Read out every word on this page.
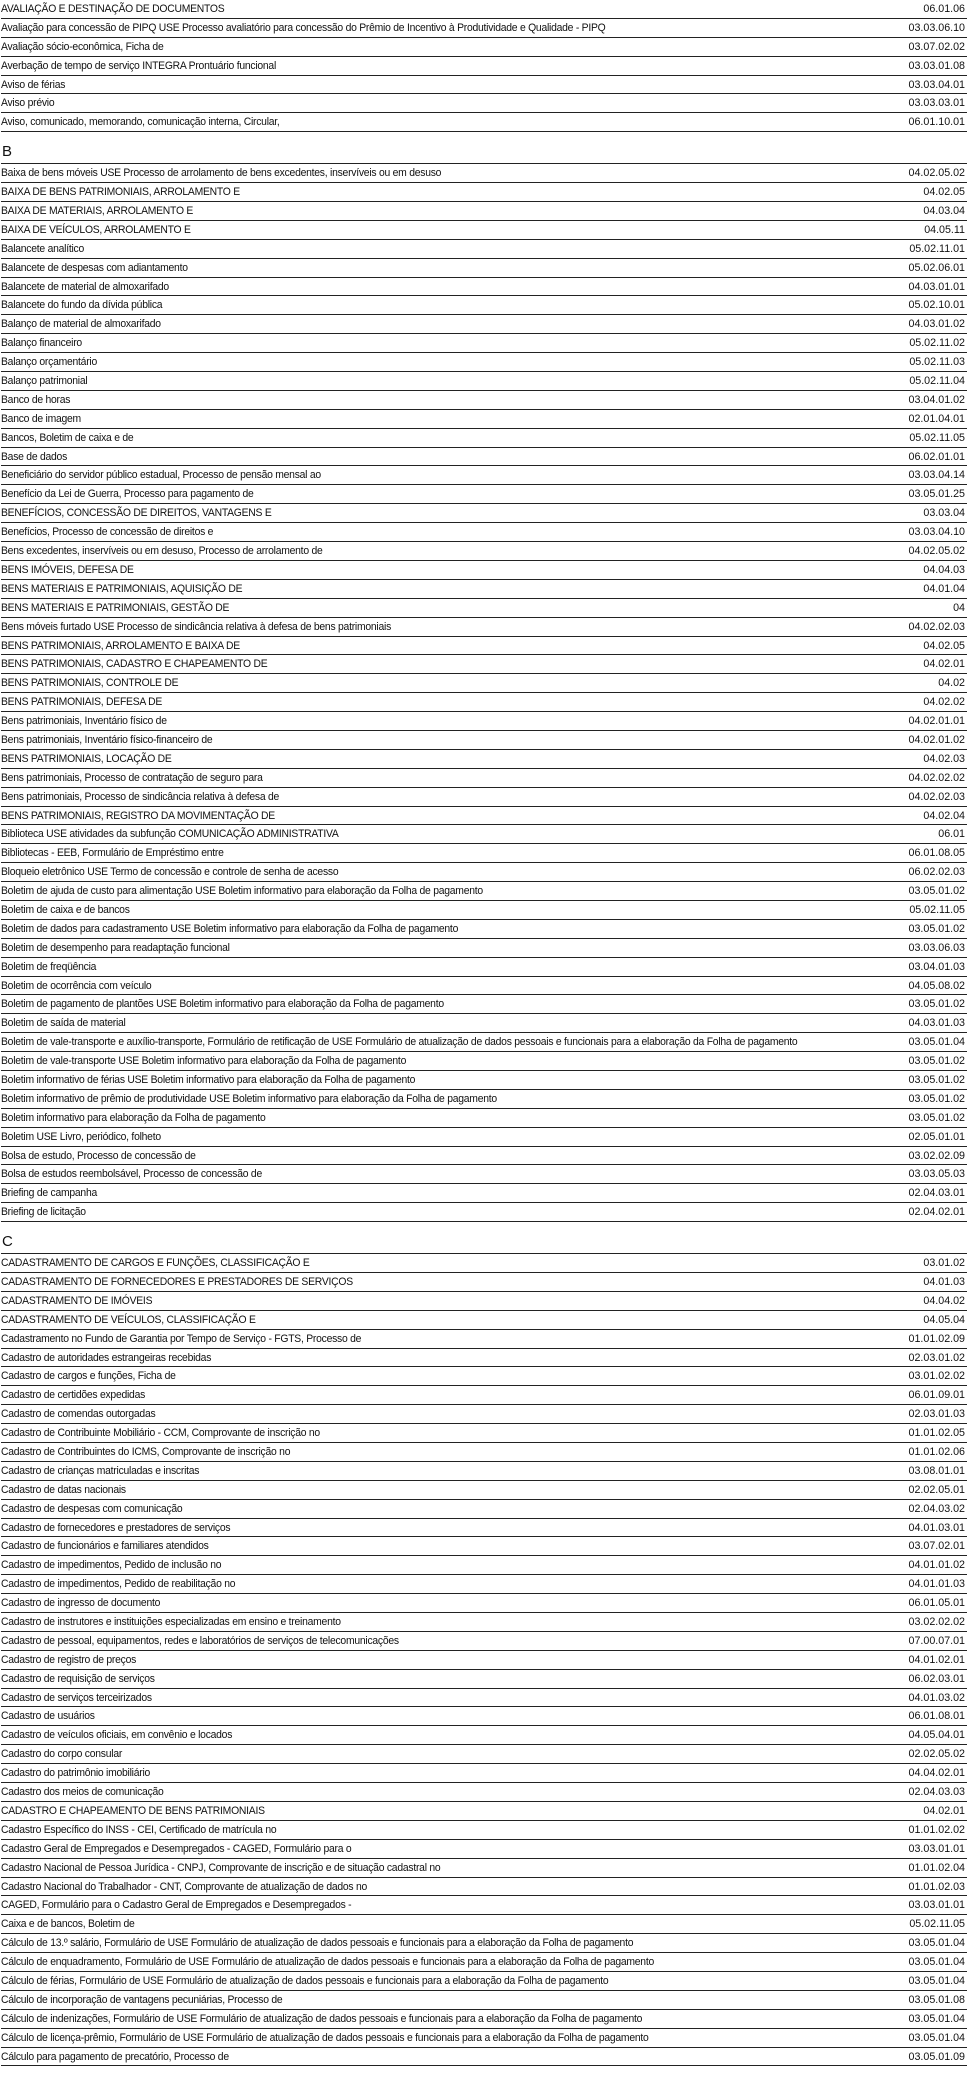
AVALIAÇÃO E DESTINAÇÃO DE DOCUMENTOS	06.01.06
Avaliação para concessão de PIPQ USE Processo avaliatório para concessão do Prêmio de Incentivo à Produtividade e Qualidade - PIPQ	03.03.06.10
Avaliação sócio-econômica, Ficha de	03.07.02.02
Averbação de tempo de serviço INTEGRA Prontuário funcional	03.03.01.08
Aviso de férias	03.03.04.01
Aviso prévio	03.03.03.01
Aviso, comunicado, memorando, comunicação interna, Circular,	06.01.10.01
B
Baixa de bens móveis USE Processo de arrolamento de bens excedentes, inservíveis ou em desuso	04.02.05.02
BAIXA DE BENS PATRIMONIAIS, ARROLAMENTO E	04.02.05
BAIXA DE MATERIAIS, ARROLAMENTO E	04.03.04
BAIXA DE VEÍCULOS, ARROLAMENTO E	04.05.11
Balancete analítico	05.02.11.01
Balancete de despesas com adiantamento	05.02.06.01
Balancete de material de almoxarifado	04.03.01.01
Balancete do fundo da dívida pública	05.02.10.01
Balanço de material de almoxarifado	04.03.01.02
Balanço financeiro	05.02.11.02
Balanço orçamentário	05.02.11.03
Balanço patrimonial	05.02.11.04
Banco de horas	03.04.01.02
Banco de imagem	02.01.04.01
Bancos, Boletim de caixa e de	05.02.11.05
Base de dados	06.02.01.01
Beneficiário do servidor público estadual, Processo de pensão mensal ao	03.03.04.14
Benefício da Lei de Guerra, Processo para pagamento de	03.05.01.25
BENEFÍCIOS, CONCESSÃO DE DIREITOS, VANTAGENS E	03.03.04
Benefícios, Processo de concessão de direitos e	03.03.04.10
Bens excedentes, inservíveis ou em desuso, Processo de arrolamento de	04.02.05.02
BENS IMÓVEIS, DEFESA DE	04.04.03
BENS MATERIAIS E PATRIMONIAIS, AQUISIÇÃO DE	04.01.04
BENS MATERIAIS E PATRIMONIAIS, GESTÃO DE	04
Bens móveis furtado USE Processo de sindicância relativa à defesa de bens patrimoniais	04.02.02.03
BENS PATRIMONIAIS, ARROLAMENTO E BAIXA DE	04.02.05
BENS PATRIMONIAIS, CADASTRO E CHAPEAMENTO DE	04.02.01
BENS PATRIMONIAIS, CONTROLE DE	04.02
BENS PATRIMONIAIS, DEFESA DE	04.02.02
Bens patrimoniais, Inventário físico de	04.02.01.01
Bens patrimoniais, Inventário físico-financeiro de	04.02.01.02
BENS PATRIMONIAIS, LOCAÇÃO DE	04.02.03
Bens patrimoniais, Processo de contratação de seguro para	04.02.02.02
Bens patrimoniais, Processo de sindicância relativa à defesa de	04.02.02.03
BENS PATRIMONIAIS, REGISTRO DA MOVIMENTAÇÃO DE	04.02.04
Biblioteca USE atividades da subfunção COMUNICAÇÃO ADMINISTRATIVA	06.01
Bibliotecas - EEB, Formulário de Empréstimo entre	06.01.08.05
Bloqueio eletrônico USE Termo de concessão e controle de senha de acesso	06.02.02.03
Boletim de ajuda de custo para alimentação USE Boletim informativo para elaboração da Folha de pagamento	03.05.01.02
Boletim de caixa e de bancos	05.02.11.05
Boletim de dados para cadastramento USE Boletim informativo para elaboração da Folha de pagamento	03.05.01.02
Boletim de desempenho para readaptação funcional	03.03.06.03
Boletim de freqüência	03.04.01.03
Boletim de ocorrência com veículo	04.05.08.02
Boletim de pagamento de plantões USE Boletim informativo para elaboração da Folha de pagamento	03.05.01.02
Boletim de saída de material	04.03.01.03
Boletim de vale-transporte e auxílio-transporte, Formulário de retificação de USE Formulário de atualização de dados pessoais e funcionais para a elaboração da Folha de pagamento	03.05.01.04
Boletim de vale-transporte USE Boletim informativo para elaboração da Folha de pagamento	03.05.01.02
Boletim informativo de férias USE Boletim informativo para elaboração da Folha de pagamento	03.05.01.02
Boletim informativo de prêmio de produtividade USE Boletim informativo para elaboração da Folha de pagamento	03.05.01.02
Boletim informativo para elaboração da Folha de pagamento	03.05.01.02
Boletim USE Livro, periódico, folheto	02.05.01.01
Bolsa de estudo, Processo de concessão de	03.02.02.09
Bolsa de estudos reembolsável, Processo de concessão de	03.03.05.03
Briefing de campanha	02.04.03.01
Briefing de licitação	02.04.02.01
C
CADASTRAMENTO DE CARGOS E FUNÇÕES, CLASSIFICAÇÃO E	03.01.02
CADASTRAMENTO DE FORNECEDORES E PRESTADORES DE SERVIÇOS	04.01.03
CADASTRAMENTO DE IMÓVEIS	04.04.02
CADASTRAMENTO DE VEÍCULOS, CLASSIFICAÇÃO E	04.05.04
Cadastramento no Fundo de Garantia por Tempo de Serviço - FGTS, Processo de	01.01.02.09
Cadastro de autoridades estrangeiras recebidas	02.03.01.02
Cadastro de cargos e funções, Ficha de	03.01.02.02
Cadastro de certidões expedidas	06.01.09.01
Cadastro de comendas outorgadas	02.03.01.03
Cadastro de Contribuinte Mobiliário - CCM, Comprovante de inscrição no	01.01.02.05
Cadastro de Contribuintes do ICMS, Comprovante de inscrição no	01.01.02.06
Cadastro de crianças matriculadas e inscritas	03.08.01.01
Cadastro de datas nacionais	02.02.05.01
Cadastro de despesas com comunicação	02.04.03.02
Cadastro de fornecedores e prestadores de serviços	04.01.03.01
Cadastro de funcionários e familiares atendidos	03.07.02.01
Cadastro de impedimentos, Pedido de inclusão no	04.01.01.02
Cadastro de impedimentos, Pedido de reabilitação no	04.01.01.03
Cadastro de ingresso de documento	06.01.05.01
Cadastro de instrutores e instituições especializadas em ensino e treinamento	03.02.02.02
Cadastro de pessoal, equipamentos, redes e laboratórios de serviços de telecomunicações	07.00.07.01
Cadastro de registro de preços	04.01.02.01
Cadastro de requisição de serviços	06.02.03.01
Cadastro de serviços terceirizados	04.01.03.02
Cadastro de usuários	06.01.08.01
Cadastro de veículos oficiais, em convênio e locados	04.05.04.01
Cadastro do corpo consular	02.02.05.02
Cadastro do patrimônio imobiliário	04.04.02.01
Cadastro dos meios de comunicação	02.04.03.03
CADASTRO E CHAPEAMENTO DE BENS PATRIMONIAIS	04.02.01
Cadastro Específico do INSS - CEI, Certificado de matrícula no	01.01.02.02
Cadastro Geral de Empregados e Desempregados - CAGED, Formulário para o	03.03.01.01
Cadastro Nacional de Pessoa Jurídica - CNPJ, Comprovante de inscrição e de situação cadastral no	01.01.02.04
Cadastro Nacional do Trabalhador - CNT, Comprovante de atualização de dados no	01.01.02.03
CAGED, Formulário para o Cadastro Geral de Empregados e Desempregados -	03.03.01.01
Caixa e de bancos, Boletim de	05.02.11.05
Cálculo de 13.º salário, Formulário de USE Formulário de atualização de dados pessoais e funcionais para a elaboração da Folha de pagamento	03.05.01.04
Cálculo de enquadramento, Formulário de USE Formulário de atualização de dados pessoais e funcionais para a elaboração da Folha de pagamento	03.05.01.04
Cálculo de férias, Formulário de USE Formulário de atualização de dados pessoais e funcionais para a elaboração da Folha de pagamento	03.05.01.04
Cálculo de incorporação de vantagens pecuniárias, Processo de	03.05.01.08
Cálculo de indenizações, Formulário de USE Formulário de atualização de dados pessoais e funcionais para a elaboração da Folha de pagamento	03.05.01.04
Cálculo de licença-prêmio, Formulário de USE Formulário de atualização de dados pessoais e funcionais para a elaboração da Folha de pagamento	03.05.01.04
Cálculo para pagamento de precatório, Processo de	03.05.01.09
